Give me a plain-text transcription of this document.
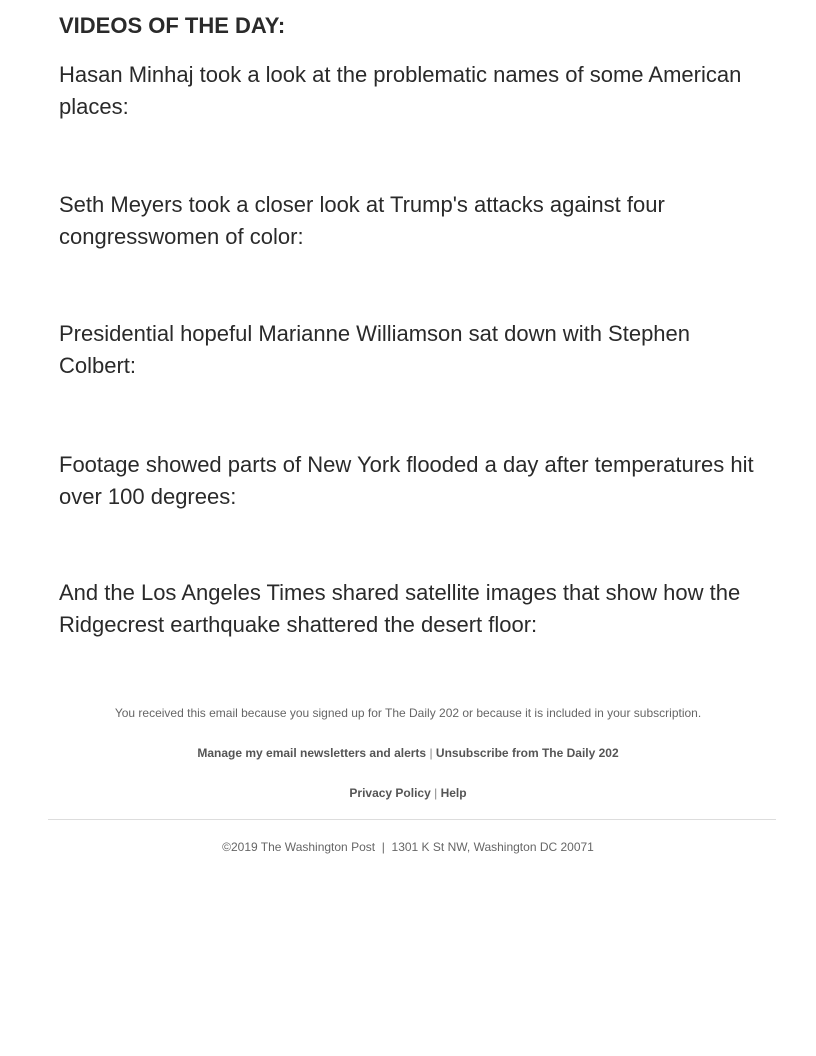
VIDEOS OF THE DAY:

Hasan Minhaj took a look at the problematic names of some American places:

Seth Meyers took a closer look at Trump's attacks against four congresswomen of color:

Presidential hopeful Marianne Williamson sat down with Stephen Colbert:

Footage showed parts of New York flooded a day after temperatures hit over 100 degrees:

And the Los Angeles Times shared satellite images that show how the Ridgecrest earthquake shattered the desert floor:

You received this email because you signed up for The Daily 202 or because it is included in your subscription.
Manage my email newsletters and alerts | Unsubscribe from The Daily 202
Privacy Policy | Help
©2019 The Washington Post  |  1301 K St NW, Washington DC 20071
